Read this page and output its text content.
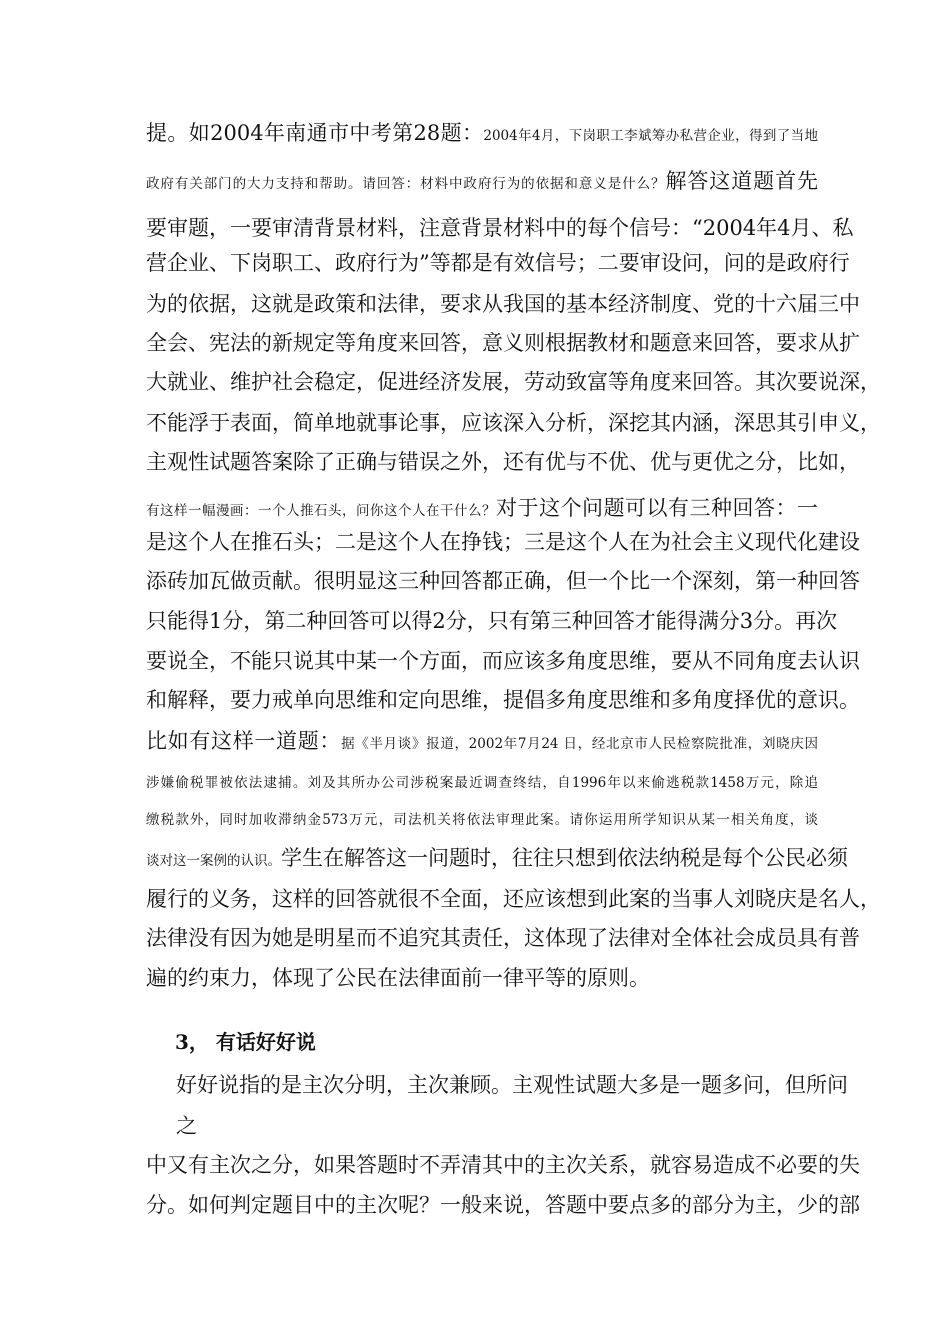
提。如2004年南通市中考第28题：2004年4月，下岗职工李斌筹办私营企业，得到了当地
政府有关部门的大力支持和帮助。请回答：材料中政府行为的依据和意义是什么？解答这道题首先
要审题，一要审清背景材料，注意背景材料中的每个信号：“2004年4月、私
营企业、下岗职工、政府行为”等都是有效信号；二要审设问，问的是政府行
为的依据，这就是政策和法律，要求从我国的基本经济制度、党的十六届三中
全会、宪法的新规定等角度来回答，意义则根据教材和题意来回答，要求从扩
大就业、维护社会稳定，促进经济发展，劳动致富等角度来回答。其次要说深，
不能浮于表面，简单地就事论事，应该深入分析，深挖其内涵，深思其引申义，
主观性试题答案除了正确与错误之外，还有优与不优、优与更优之分，比如，
有这样一幅漫画：一个人推石头，问你这个人在干什么？对于这个问题可以有三种回答：一
是这个人在推石头；二是这个人在挣钱；三是这个人在为社会主义现代化建设
添砖加瓦做贡献。很明显这三种回答都正确，但一个比一个深刻，第一种回答
只能得1分，第二种回答可以得2分，只有第三种回答才能得满分3分。再次
要说全，不能只说其中某一个方面，而应该多角度思维，要从不同角度去认识
和解释，要力戒单向思维和定向思维，提倡多角度思维和多角度择优的意识。
比如有这样一道题：据《半月谈》报道，2002年7月24 日，经北京市人民检察院批准，刘晓庆因
涉嫌偷税罪被依法逮捕。刘及其所办公司涉税案最近调查终结，自1996年以来偷逃税款1458万元，除追
缴税款外，同时加收滞纳金573万元，司法机关将依法审理此案。请你运用所学知识从某一相关角度，谈
谈对这一案例的认识。学生在解答这一问题时，往往只想到依法纳税是每个公民必须
履行的义务，这样的回答就很不全面，还应该想到此案的当事人刘晓庆是名人，
法律没有因为她是明星而不追究其责任，这体现了法律对全体社会成员具有普
遍的约束力，体现了公民在法律面前一律平等的原则。
3， 有话好好说
好好说指的是主次分明，主次兼顾。主观性试题大多是一题多问，但所问
之
中又有主次之分，如果答题时不弄清其中的主次关系，就容易造成不必要的失
分。如何判定题目中的主次呢？一般来说，答题中要点多的部分为主，少的部
